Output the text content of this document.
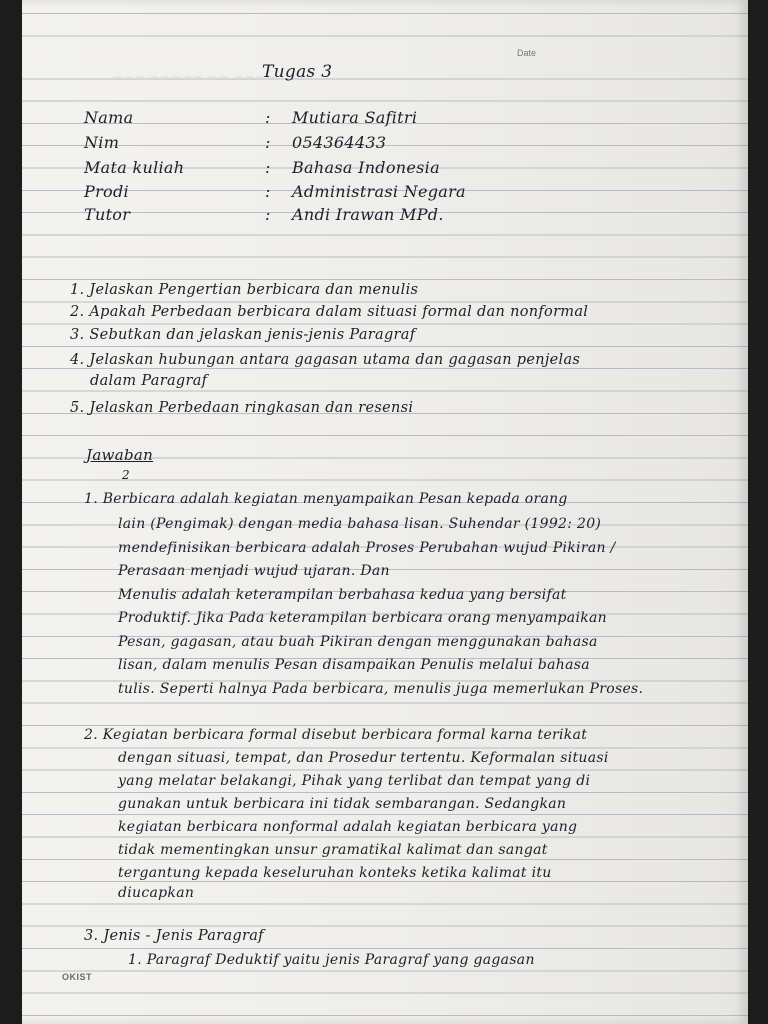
Date
~~~ ~~~~~ ~~ ~~~~
Tugas 3
Nama	: Mutiara Safitri
Nim	: 054364433
Mata kuliah	: Bahasa Indonesia
Prodi	: Administrasi Negara
Tutor	: Andi Irawan MPd.
1. Jelaskan Pengertian berbicara dan menulis
2. Apakah Perbedaan berbicara dalam situasi formal dan nonformal
3. Sebutkan dan jelaskan jenis-jenis Paragraf
4. Jelaskan hubungan antara gagasan utama dan gagasan penjelas
dalam Paragraf
5. Jelaskan Perbedaan ringkasan dan resensi
Jawaban
2
1. Berbicara adalah kegiatan menyampaikan Pesan kepada orang
lain (Pengimak) dengan media bahasa lisan. Suhendar (1992: 20)
mendefinisikan berbicara adalah Proses Perubahan wujud Pikiran /
Perasaan menjadi wujud ujaran. Dan
Menulis adalah keterampilan berbahasa kedua yang bersifat
Produktif. Jika Pada keterampilan berbicara orang menyampaikan
Pesan, gagasan, atau buah Pikiran dengan menggunakan bahasa
lisan, dalam menulis Pesan disampaikan Penulis melalui bahasa
tulis. Seperti halnya Pada berbicara, menulis juga memerlukan Proses.
2. Kegiatan berbicara formal disebut berbicara formal karna terikat
dengan situasi, tempat, dan Prosedur tertentu. Keformalan situasi
yang melatar belakangi, Pihak yang terlibat dan tempat yang di
gunakan untuk berbicara ini tidak sembarangan. Sedangkan
kegiatan berbicara nonformal adalah kegiatan berbicara yang
tidak mementingkan unsur gramatikal kalimat dan sangat
tergantung kepada keseluruhan konteks ketika kalimat itu
diucapkan
3. Jenis - Jenis Paragraf
1. Paragraf Deduktif yaitu jenis Paragraf yang gagasan
OKIST
